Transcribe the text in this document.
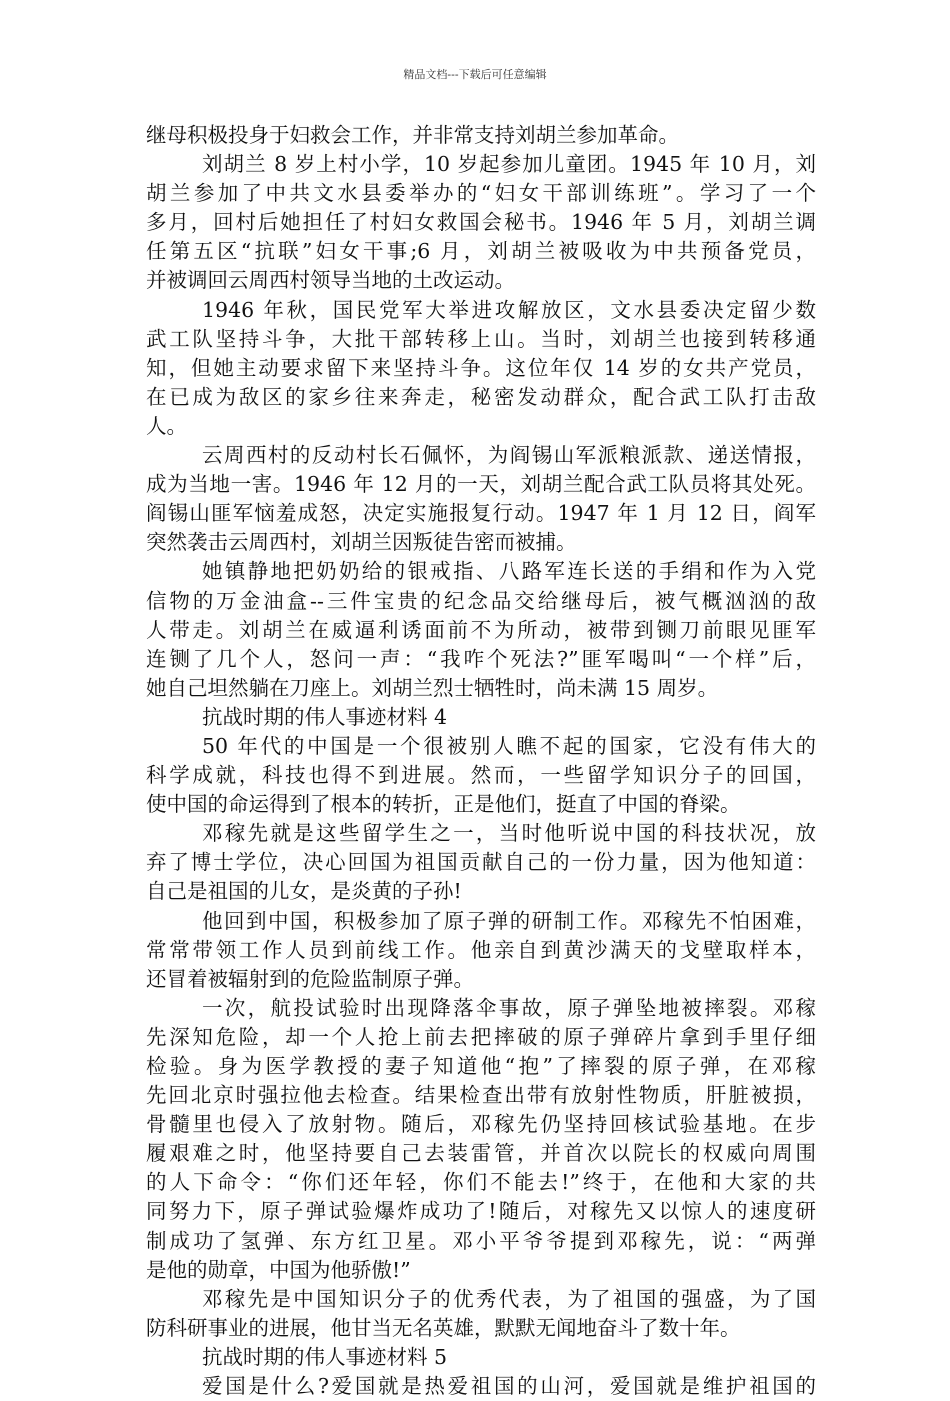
精品文档---下载后可任意编辑
继母积极投身于妇救会工作，并非常支持刘胡兰参加革命。
刘胡兰 8 岁上村小学，10 岁起参加儿童团。1945 年 10 月，刘
胡兰参加了中共文水县委举办的“妇女干部训练班”。学习了一个
多月，回村后她担任了村妇女救国会秘书。1946 年 5 月，刘胡兰调
任第五区“抗联”妇女干事;6 月，刘胡兰被吸收为中共预备党员，
并被调回云周西村领导当地的土改运动。
1946 年秋，国民党军大举进攻解放区，文水县委决定留少数
武工队坚持斗争，大批干部转移上山。当时，刘胡兰也接到转移通
知，但她主动要求留下来坚持斗争。这位年仅 14 岁的女共产党员，
在已成为敌区的家乡往来奔走，秘密发动群众，配合武工队打击敌
人。
云周西村的反动村长石佩怀，为阎锡山军派粮派款、递送情报，
成为当地一害。1946 年 12 月的一天，刘胡兰配合武工队员将其处死。
阎锡山匪军恼羞成怒，决定实施报复行动。1947 年 1 月 12 日，阎军
突然袭击云周西村，刘胡兰因叛徒告密而被捕。
她镇静地把奶奶给的银戒指、八路军连长送的手绢和作为入党
信物的万金油盒--三件宝贵的纪念品交给继母后，被气概汹汹的敌
人带走。刘胡兰在威逼利诱面前不为所动，被带到铡刀前眼见匪军
连铡了几个人，怒问一声：“我咋个死法?”匪军喝叫“一个样”后，
她自己坦然躺在刀座上。刘胡兰烈士牺牲时，尚未满 15 周岁。
抗战时期的伟人事迹材料 4
50 年代的中国是一个很被别人瞧不起的国家，它没有伟大的
科学成就，科技也得不到进展。然而，一些留学知识分子的回国，
使中国的命运得到了根本的转折，正是他们，挺直了中国的脊梁。
邓稼先就是这些留学生之一，当时他听说中国的科技状况，放
弃了博士学位，决心回国为祖国贡献自己的一份力量，因为他知道：
自己是祖国的儿女，是炎黄的子孙!
他回到中国，积极参加了原子弹的研制工作。邓稼先不怕困难，
常常带领工作人员到前线工作。他亲自到黄沙满天的戈壁取样本，
还冒着被辐射到的危险监制原子弹。
一次，航投试验时出现降落伞事故，原子弹坠地被摔裂。邓稼
先深知危险，却一个人抢上前去把摔破的原子弹碎片拿到手里仔细
检验。身为医学教授的妻子知道他“抱”了摔裂的原子弹，在邓稼
先回北京时强拉他去检查。结果检查出带有放射性物质，肝脏被损，
骨髓里也侵入了放射物。随后，邓稼先仍坚持回核试验基地。在步
履艰难之时，他坚持要自己去装雷管，并首次以院长的权威向周围
的人下命令：“你们还年轻，你们不能去!”终于，在他和大家的共
同努力下，原子弹试验爆炸成功了!随后，对稼先又以惊人的速度研
制成功了氢弹、东方红卫星。邓小平爷爷提到邓稼先，说：“两弹
是他的勋章，中国为他骄傲!”
邓稼先是中国知识分子的优秀代表，为了祖国的强盛，为了国
防科研事业的进展，他甘当无名英雄，默默无闻地奋斗了数十年。
抗战时期的伟人事迹材料 5
爱国是什么?爱国就是热爱祖国的山河，爱国就是维护祖国的
